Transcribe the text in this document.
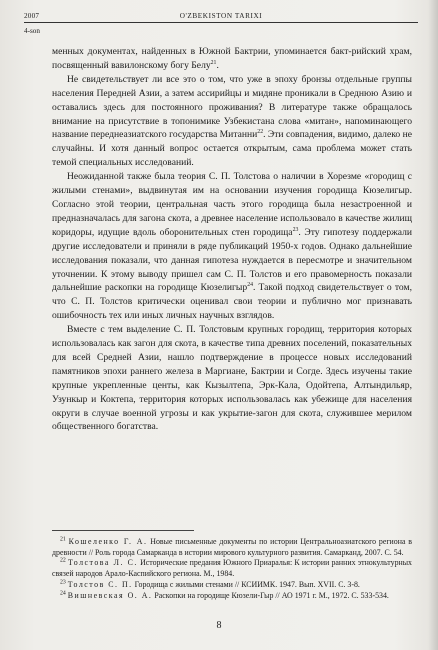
2007	O'ZBEKISTON TARIXI
4-son

менных документах, найденных в Южной Бактрии, упоминается бакт-рийский храм, посвященный вавилонскому богу Белу$^{21}$.

Не свидетельствует ли все это о том, что уже в эпоху бронзы отдельные группы населения Передней Азии, а затем ассирийцы и мидяне проникали в Среднюю Азию и оставались здесь для постоянного проживания? В литературе также обращалось внимание на присутствие в топонимике Узбекистана слова «митан», напоминающего название переднеазиатского государства Митанни$^{22}$. Эти совпадения, видимо, далеко не случайны. И хотя данный вопрос остается открытым, сама проблема может стать темой специальных исследований.

Неожиданной также была теория С. П. Толстова о наличии в Хорезме «городищ с жилыми стенами», выдвинутая им на основании изучения городища Кюзелигыр. Согласно этой теории, центральная часть этого городища была незастроенной и предназначалась для загона скота, а древнее население использовало в качестве жилищ коридоры, идущие вдоль оборонительных стен городища$^{23}$. Эту гипотезу поддержали другие исследователи и приняли в ряде публикаций 1950-х годов. Однако дальнейшие исследования показали, что данная гипотеза нуждается в пересмотре и значительном уточнении. К этому выводу пришел сам С. П. Толстов и его правомерность показали дальнейшие раскопки на городище Кюзелигыр$^{24}$. Такой подход свидетельствует о том, что С. П. Толстов критически оценивал свои теории и публично мог признавать ошибочность тех или иных личных научных взглядов.

Вместе с тем выделение С. П. Толстовым крупных городищ, территория которых использовалась как загон для скота, в качестве типа древних поселений, показательных для всей Средней Азии, нашло подтверждение в процессе новых исследований памятников эпохи раннего железа в Маргиане, Бактрии и Согде. Здесь изучены такие крупные укрепленные центы, как Кызылтепа, Эрк-Кала, Одойтепа, Алтындильяр, Узункыр и Коктепа, территория которых использовалась как убежище для населения округи в случае военной угрозы и как укрытие-загон для скота, служившее мерилом общественного богатства.

$^{21}$ Кошеленко Г. А. Новые письменные документы по истории Центральноазиатского региона в древности // Роль города Самарканда в истории мирового культурного развития. Самарканд, 2007. С. 54.

$^{22}$ Толстова Л. С. Исторические предания Южного Приаралья: К истории ранних этнокультурных связей народов Арало-Каспийского региона. М., 1984.

$^{23}$ Толстов С. П. Городища с жилыми стенами // КСИИМК. 1947. Вып. XVII. С. 3-8.

$^{24}$ Вишневская О. А. Раскопки на городище Кюзели-Гыр // АО 1971 г. М., 1972. С. 533-534.

8
